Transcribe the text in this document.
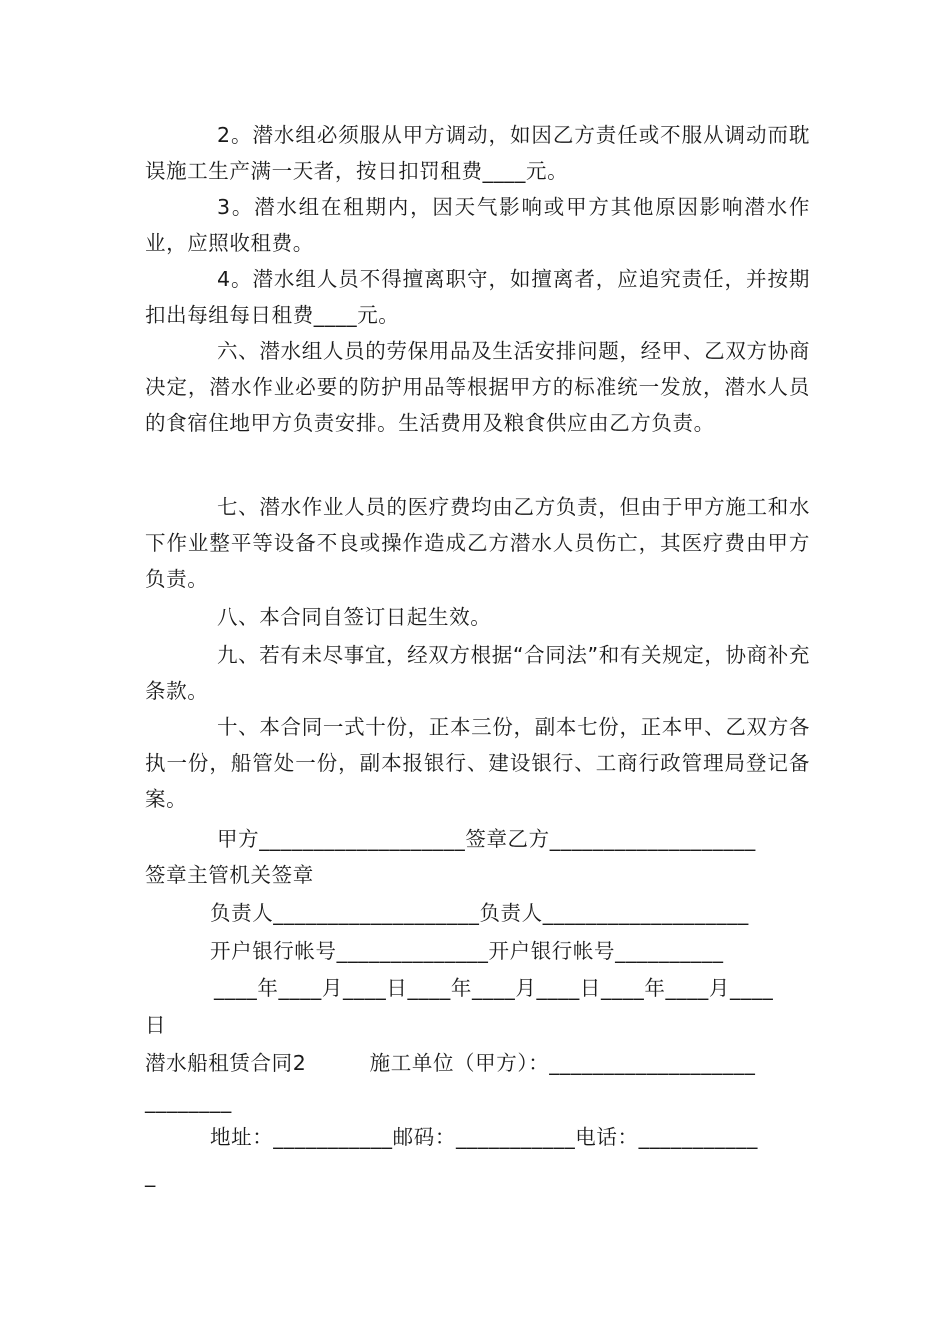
2。潜水组必须服从甲方调动，如因乙方责任或不服从调动而耽误施工生产满一天者，按日扣罚租费____元。
3。潜水组在租期内，因天气影响或甲方其他原因影响潜水作业，应照收租费。
4。潜水组人员不得擅离职守，如擅离者，应追究责任，并按期扣出每组每日租费____元。
六、潜水组人员的劳保用品及生活安排问题，经甲、乙双方协商决定，潜水作业必要的防护用品等根据甲方的标准统一发放，潜水人员的食宿住地甲方负责安排。生活费用及粮食供应由乙方负责。
七、潜水作业人员的医疗费均由乙方负责，但由于甲方施工和水下作业整平等设备不良或操作造成乙方潜水人员伤亡，其医疗费由甲方负责。
八、本合同自签订日起生效。
九、若有未尽事宜，经双方根据“合同法”和有关规定，协商补充条款。
十、本合同一式十份，正本三份，副本七份，正本甲、乙双方各执一份，船管处一份，副本报银行、建设银行、工商行政管理局登记备案。
甲方___________________签章乙方___________________
签章主管机关签章
负责人___________________负责人___________________
开户银行帐号______________开户银行帐号__________
____年____月____日____年____月____日____年____月____
日
潜水船租赁合同2　　　施工单位（甲方）：___________________
________
地址：___________邮码：___________电话：___________
_
